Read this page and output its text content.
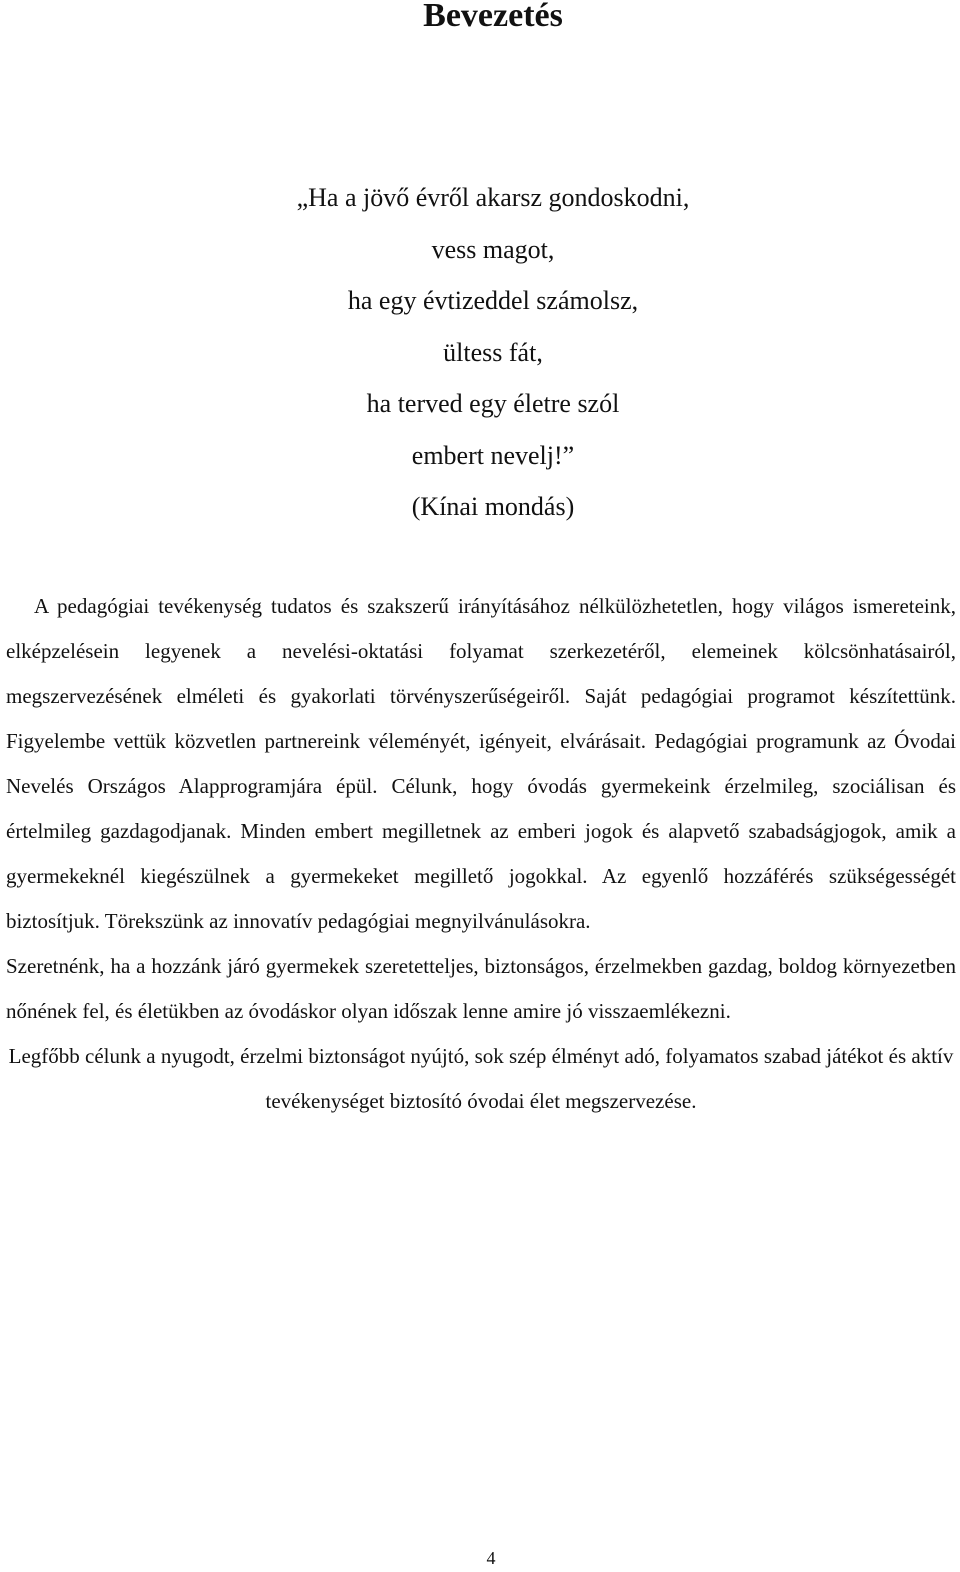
Bevezetés
„Ha a jövő évről akarsz gondoskodni,
vess magot,
ha egy évtizeddel számolsz,
ültess fát,
ha terved egy életre szól
embert nevelj!”
(Kínai mondás)

A pedagógiai tevékenység tudatos és szakszerű irányításához nélkülözhetetlen, hogy világos ismereteink, elképzelésein legyenek a nevelési-oktatási folyamat szerkezetéről, elemeinek kölcsönhatásairól, megszervezésének elméleti és gyakorlati törvényszerűségeiről. Saját pedagógiai programot készítettünk. Figyelembe vettük közvetlen partnereink véleményét, igényeit, elvárásait. Pedagógiai programunk az Óvodai Nevelés Országos Alapprogramjára épül. Célunk, hogy óvodás gyermekeink érzelmileg, szociálisan és értelmileg gazdagodjanak. Minden embert megilletnek az emberi jogok és alapvető szabadságjogok, amik a gyermekeknél kiegészülnek a gyermekeket megillető jogokkal. Az egyenlő hozzáférés szükségességét biztosítjuk. Törekszünk az innovatív pedagógiai megnyilvánulásokra.

Szeretnénk, ha a hozzánk járó gyermekek szeretetteljes, biztonságos, érzelmekben gazdag, boldog környezetben nőnének fel, és életükben az óvodáskor olyan időszak lenne amire jó visszaemlékezni.

Legfőbb célunk a nyugodt, érzelmi biztonságot nyújtó, sok szép élményt adó, folyamatos szabad játékot és aktív tevékenységet biztosító óvodai élet megszervezése.

4
